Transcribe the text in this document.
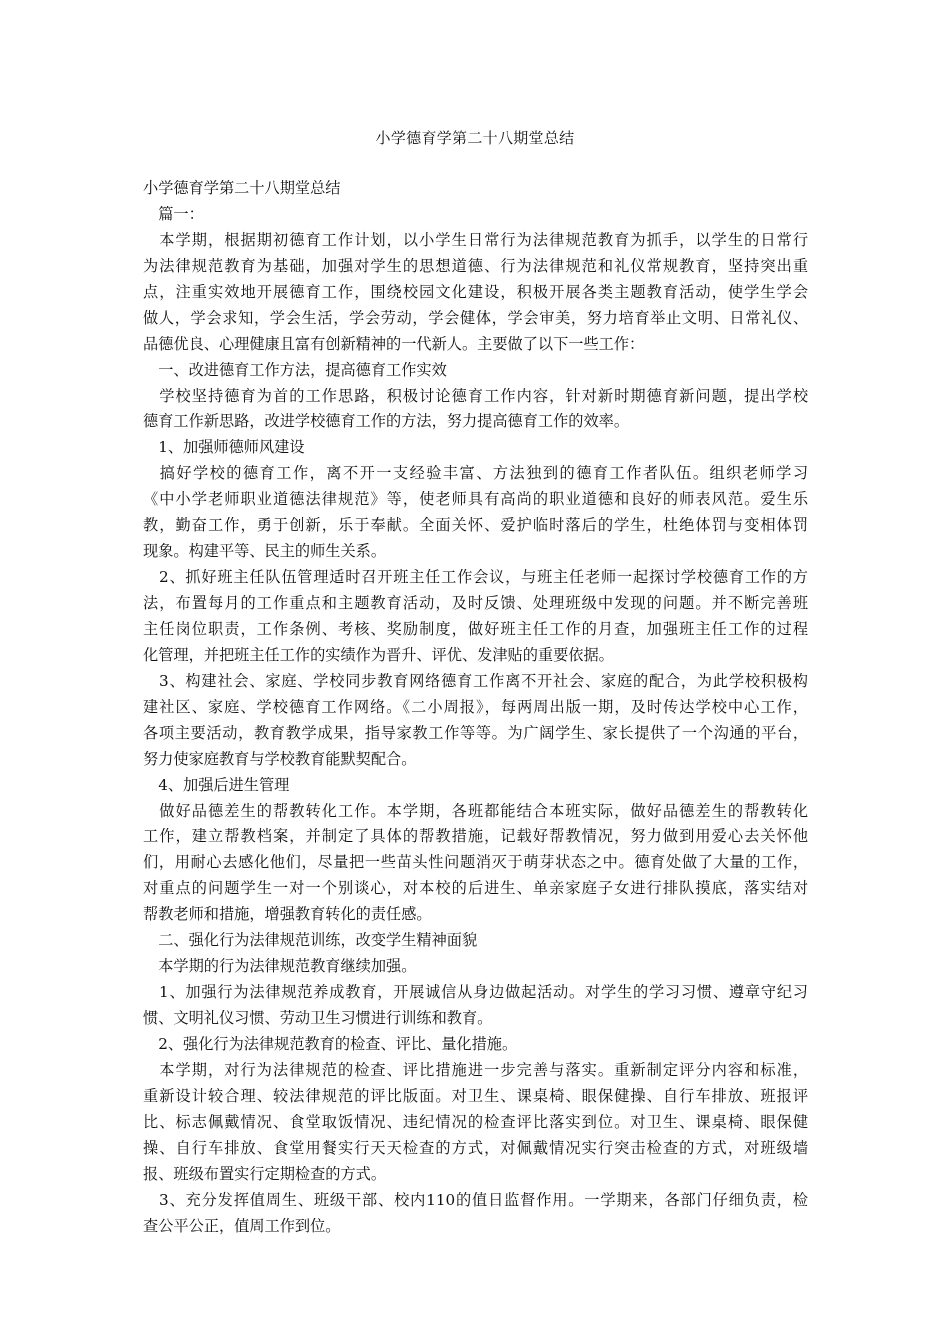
小学德育学第二十八期堂总结
小学德育学第二十八期堂总结
　篇一：
　本学期，根据期初德育工作计划，以小学生日常行为法律规范教育为抓手，以学生的日常行
为法律规范教育为基础，加强对学生的思想道德、行为法律规范和礼仪常规教育，坚持突出重
点，注重实效地开展德育工作，围绕校园文化建设，积极开展各类主题教育活动，使学生学会
做人，学会求知，学会生活，学会劳动，学会健体，学会审美，努力培育举止文明、日常礼仪、
品德优良、心理健康且富有创新精神的一代新人。主要做了以下一些工作：
　一、改进德育工作方法，提高德育工作实效
　学校坚持德育为首的工作思路，积极讨论德育工作内容，针对新时期德育新问题，提出学校
德育工作新思路，改进学校德育工作的方法，努力提高德育工作的效率。
　1、加强师德师风建设
　搞好学校的德育工作，离不开一支经验丰富、方法独到的德育工作者队伍。组织老师学习
《中小学老师职业道德法律规范》等，使老师具有高尚的职业道德和良好的师表风范。爱生乐
教，勤奋工作，勇于创新，乐于奉献。全面关怀、爱护临时落后的学生，杜绝体罚与变相体罚
现象。构建平等、民主的师生关系。
　2、抓好班主任队伍管理适时召开班主任工作会议，与班主任老师一起探讨学校德育工作的方
法，布置每月的工作重点和主题教育活动，及时反馈、处理班级中发现的问题。并不断完善班
主任岗位职责，工作条例、考核、奖励制度，做好班主任工作的月查，加强班主任工作的过程
化管理，并把班主任工作的实绩作为晋升、评优、发津贴的重要依据。
　3、构建社会、家庭、学校同步教育网络德育工作离不开社会、家庭的配合，为此学校积极构
建社区、家庭、学校德育工作网络。《二小周报》，每两周出版一期，及时传达学校中心工作，
各项主要活动，教育教学成果，指导家教工作等等。为广阔学生、家长提供了一个沟通的平台，
努力使家庭教育与学校教育能默契配合。
　4、加强后进生管理
　做好品德差生的帮教转化工作。本学期，各班都能结合本班实际，做好品德差生的帮教转化
工作，建立帮教档案，并制定了具体的帮教措施，记载好帮教情况，努力做到用爱心去关怀他
们，用耐心去感化他们，尽量把一些苗头性问题消灭于萌芽状态之中。德育处做了大量的工作，
对重点的问题学生一对一个别谈心，对本校的后进生、单亲家庭子女进行排队摸底，落实结对
帮教老师和措施，增强教育转化的责任感。
　二、强化行为法律规范训练，改变学生精神面貌
　本学期的行为法律规范教育继续加强。
　1、加强行为法律规范养成教育，开展诚信从身边做起活动。对学生的学习习惯、遵章守纪习
惯、文明礼仪习惯、劳动卫生习惯进行训练和教育。
　2、强化行为法律规范教育的检查、评比、量化措施。
　本学期，对行为法律规范的检查、评比措施进一步完善与落实。重新制定评分内容和标准，
重新设计较合理、较法律规范的评比版面。对卫生、课桌椅、眼保健操、自行车排放、班报评
比、标志佩戴情况、食堂取饭情况、违纪情况的检查评比落实到位。对卫生、课桌椅、眼保健
操、自行车排放、食堂用餐实行天天检查的方式，对佩戴情况实行突击检查的方式，对班级墙
报、班级布置实行定期检查的方式。
　3、充分发挥值周生、班级干部、校内110的值日监督作用。一学期来，各部门仔细负责，检
查公平公正，值周工作到位。
